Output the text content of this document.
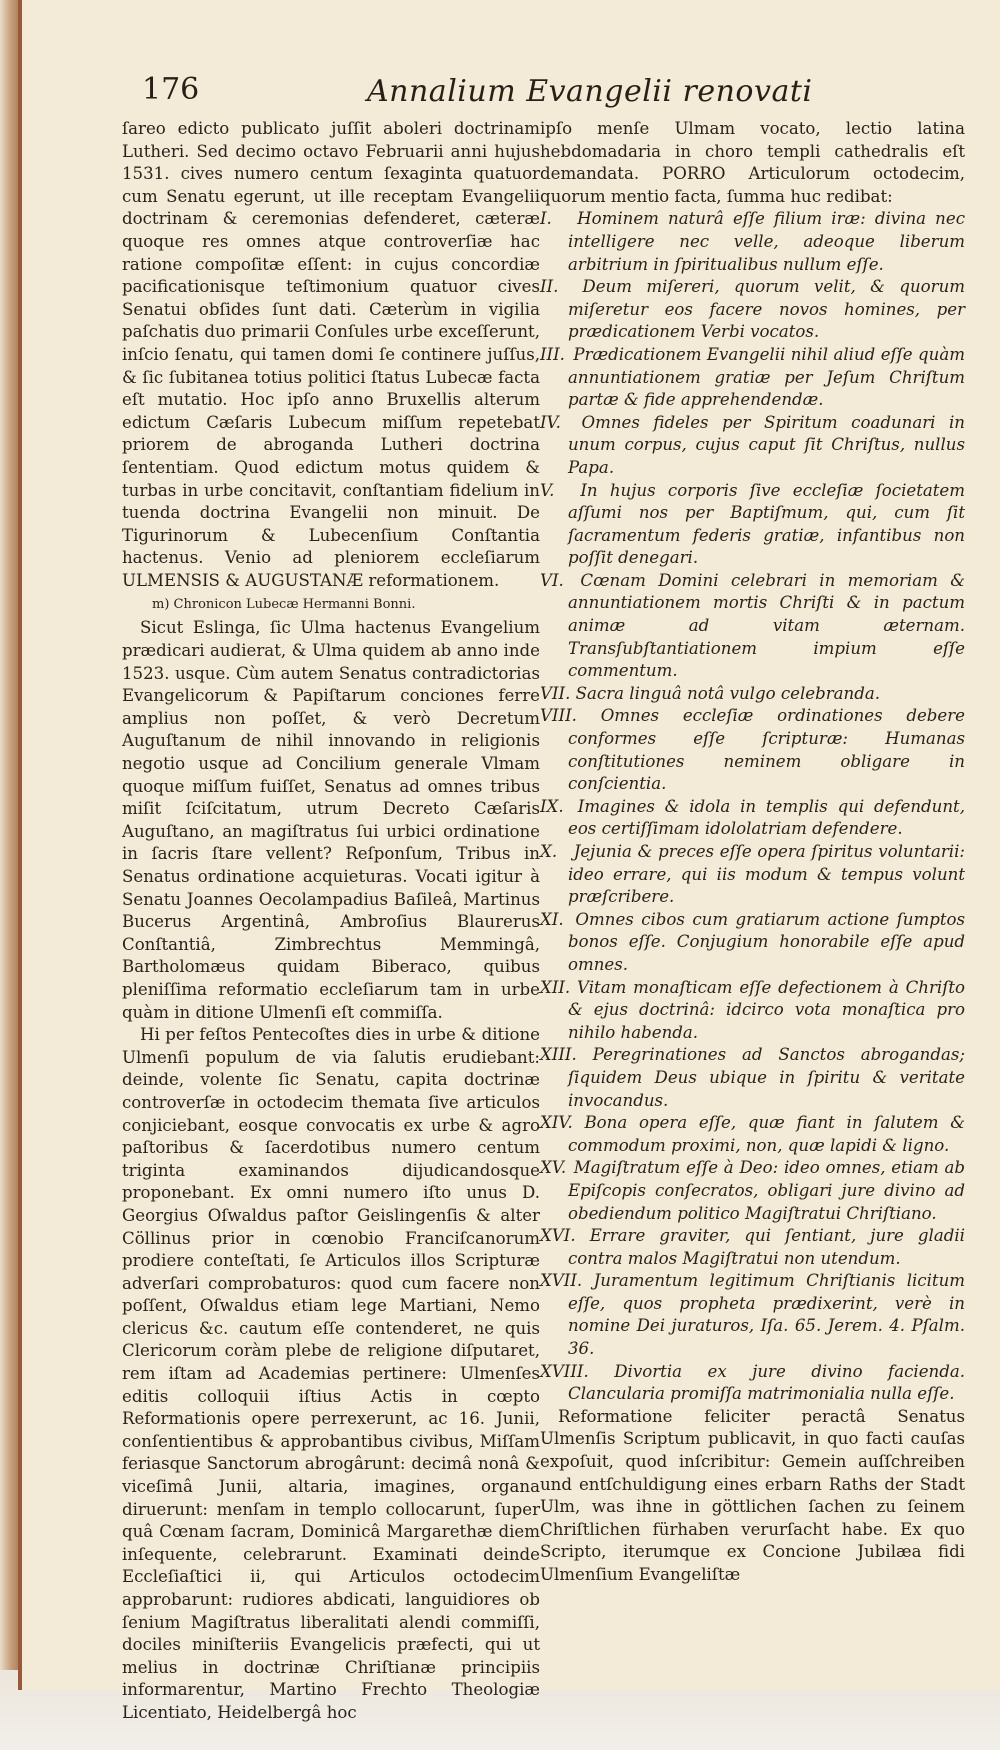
176	Annalium Evangelii renovati

ſareo edicto publicato juſſit aboleri doctrinam Lutheri. Sed decimo octavo Februarii anni hujus 1531. cives numero centum ſexaginta quatuor cum Senatu egerunt, ut ille receptam Evangelii doctrinam & ceremonias defenderet, cæteræ quoque res omnes atque controverſiæ hac ratione compoſitæ eſſent: in cujus concordiæ pacificationisque teſtimonium quatuor cives Senatui obſides ſunt dati. Cæterùm in vigilia paſchatis duo primarii Conſules urbe exceſſerunt, inſcio ſenatu, qui tamen domi ſe continere juſſus, & ſic ſubitanea totius politici ſtatus Lubecæ facta eſt mutatio. Hoc ipſo anno Bruxellis alterum edictum Cæſaris Lubecum miſſum repetebat priorem de abroganda Lutheri doctrina ſententiam. Quod edictum motus quidem & turbas in urbe concitavit, conſtantiam fidelium in tuenda doctrina Evangelii non minuit. De Tigurinorum & Lubecenſium Conſtantia hactenus. Venio ad pleniorem eccleſiarum ULMENSIS & AUGUSTANÆ reformationem.

m) Chronicon Lubecæ Hermanni Bonni.

Sicut Eslinga, ſic Ulma hactenus Evangelium prædicari audierat, & Ulma quidem ab anno inde 1523. usque. Cùm autem Senatus contradictorias Evangelicorum & Papiſtarum conciones ferre amplius non poſſet, & verò Decretum Auguſtanum de nihil innovando in religionis negotio usque ad Concilium generale Vlmam quoque miſſum fuiſſet, Senatus ad omnes tribus miſit ſciſcitatum, utrum Decreto Cæſaris Auguſtano, an magiſtratus ſui urbici ordinatione in ſacris ſtare vellent? Reſponſum, Tribus in Senatus ordinatione acquieturas. Vocati igitur à Senatu Joannes Oecolampadius Baſileâ, Martinus Bucerus Argentinâ, Ambroſius Blaurerus Conſtantiâ, Zimbrechtus Memmingâ, Bartholomæus quidam Biberaco, quibus pleniſſima reformatio eccleſiarum tam in urbe quàm in ditione Ulmenſi eſt commiſſa.

Hi per feſtos Pentecoſtes dies in urbe & ditione Ulmenſi populum de via ſalutis erudiebant: deinde, volente ſic Senatu, capita doctrinæ controverſæ in octodecim themata ſive articulos conjiciebant, eosque convocatis ex urbe & agro paſtoribus & ſacerdotibus numero centum triginta examinandos dijudicandosque proponebant. Ex omni numero iſto unus D. Georgius Oſwaldus paſtor Geislingenſis & alter Cöllinus prior in cœnobio Franciſcanorum prodiere conteſtati, ſe Articulos illos Scripturæ adverſari comprobaturos: quod cum facere non poſſent, Oſwaldus etiam lege Martiani, Nemo clericus &c. cautum eſſe contenderet, ne quis Clericorum coràm plebe de religione diſputaret, rem iſtam ad Academias pertinere: Ulmenſes editis colloquii iſtius Actis in cœpto Reformationis opere perrexerunt, ac 16. Junii, conſentientibus & approbantibus civibus, Miſſam feriasque Sanctorum abrogârunt: decimâ nonâ & viceſimâ Junii, altaria, imagines, organa diruerunt: menſam in templo collocarunt, ſuper quâ Cœnam ſacram, Dominicâ Margarethæ diem inſequente, celebrarunt. Examinati deinde Eccleſiaſtici ii, qui Articulos octodecim approbarunt: rudiores abdicati, languidiores ob ſenium Magiſtratus liberalitati alendi commiſſi, dociles miniſteriis Evangelicis præfecti, qui ut melius in doctrinæ Chriſtianæ principiis informarentur, Martino Frechto Theologiæ Licentiato, Heidelbergâ hoc

ipſo menſe Ulmam vocato, lectio latina hebdomadaria in choro templi cathedralis eſt demandata. PORRO Articulorum octodecim, quorum mentio facta, ſumma huc redibat:

I. Hominem naturâ eſſe filium iræ: divina nec intelligere nec velle, adeoque liberum arbitrium in ſpiritualibus nullum eſſe.

II. Deum miſereri, quorum velit, & quorum miſeretur eos facere novos homines, per prædicationem Verbi vocatos.

III. Prædicationem Evangelii nihil aliud eſſe quàm annuntiationem gratiæ per Jeſum Chriſtum partæ & fide apprehendendæ.

IV. Omnes fideles per Spiritum coadunari in unum corpus, cujus caput ſit Chriſtus, nullus Papa.

V. In hujus corporis ſive eccleſiæ ſocietatem aſſumi nos per Baptiſmum, qui, cum ſit ſacramentum federis gratiæ, infantibus non poſſit denegari.

VI. Cœnam Domini celebrari in memoriam & annuntiationem mortis Chriſti & in pactum animæ ad vitam æternam. Transſubſtantiationem impium eſſe commentum.

VII. Sacra linguâ notâ vulgo celebranda.

VIII. Omnes eccleſiæ ordinationes debere conformes eſſe ſcripturæ: Humanas conſtitutiones neminem obligare in conſcientia.

IX. Imagines & idola in templis qui defendunt, eos certiſſimam idololatriam defendere.

X. Jejunia & preces eſſe opera ſpiritus voluntarii: ideo errare, qui iis modum & tempus volunt præſcribere.

XI. Omnes cibos cum gratiarum actione ſumptos bonos eſſe. Conjugium honorabile eſſe apud omnes.

XII. Vitam monaſticam eſſe defectionem à Chriſto & ejus doctrinâ: idcirco vota monaſtica pro nihilo habenda.

XIII. Peregrinationes ad Sanctos abrogandas; ſiquidem Deus ubique in ſpiritu & veritate invocandus.

XIV. Bona opera eſſe, quæ fiant in ſalutem & commodum proximi, non, quæ lapidi & ligno.

XV. Magiſtratum eſſe à Deo: ideo omnes, etiam ab Epiſcopis conſecratos, obligari jure divino ad obediendum politico Magiſtratui Chriſtiano.

XVI. Errare graviter, qui ſentiant, jure gladii contra malos Magiſtratui non utendum.

XVII. Juramentum legitimum Chriſtianis licitum eſſe, quos propheta prædixerint, verè in nomine Dei juraturos, Iſa. 65. Jerem. 4. Pſalm. 36.

XVIII. Divortia ex jure divino facienda. Clancularia promiſſa matrimonialia nulla eſſe.

Reformatione feliciter peractâ Senatus Ulmenſis Scriptum publicavit, in quo facti cauſas expoſuit, quod inſcribitur: Gemein auſſchreiben und entſchuldigung eines erbarn Raths der Stadt Ulm, was ihne in göttlichen ſachen zu ſeinem Chriſtlichen fürhaben verurſacht habe. Ex quo Scripto, iterumque ex Concione Jubilæa fidi Ulmenſium Evangeliſtæ
